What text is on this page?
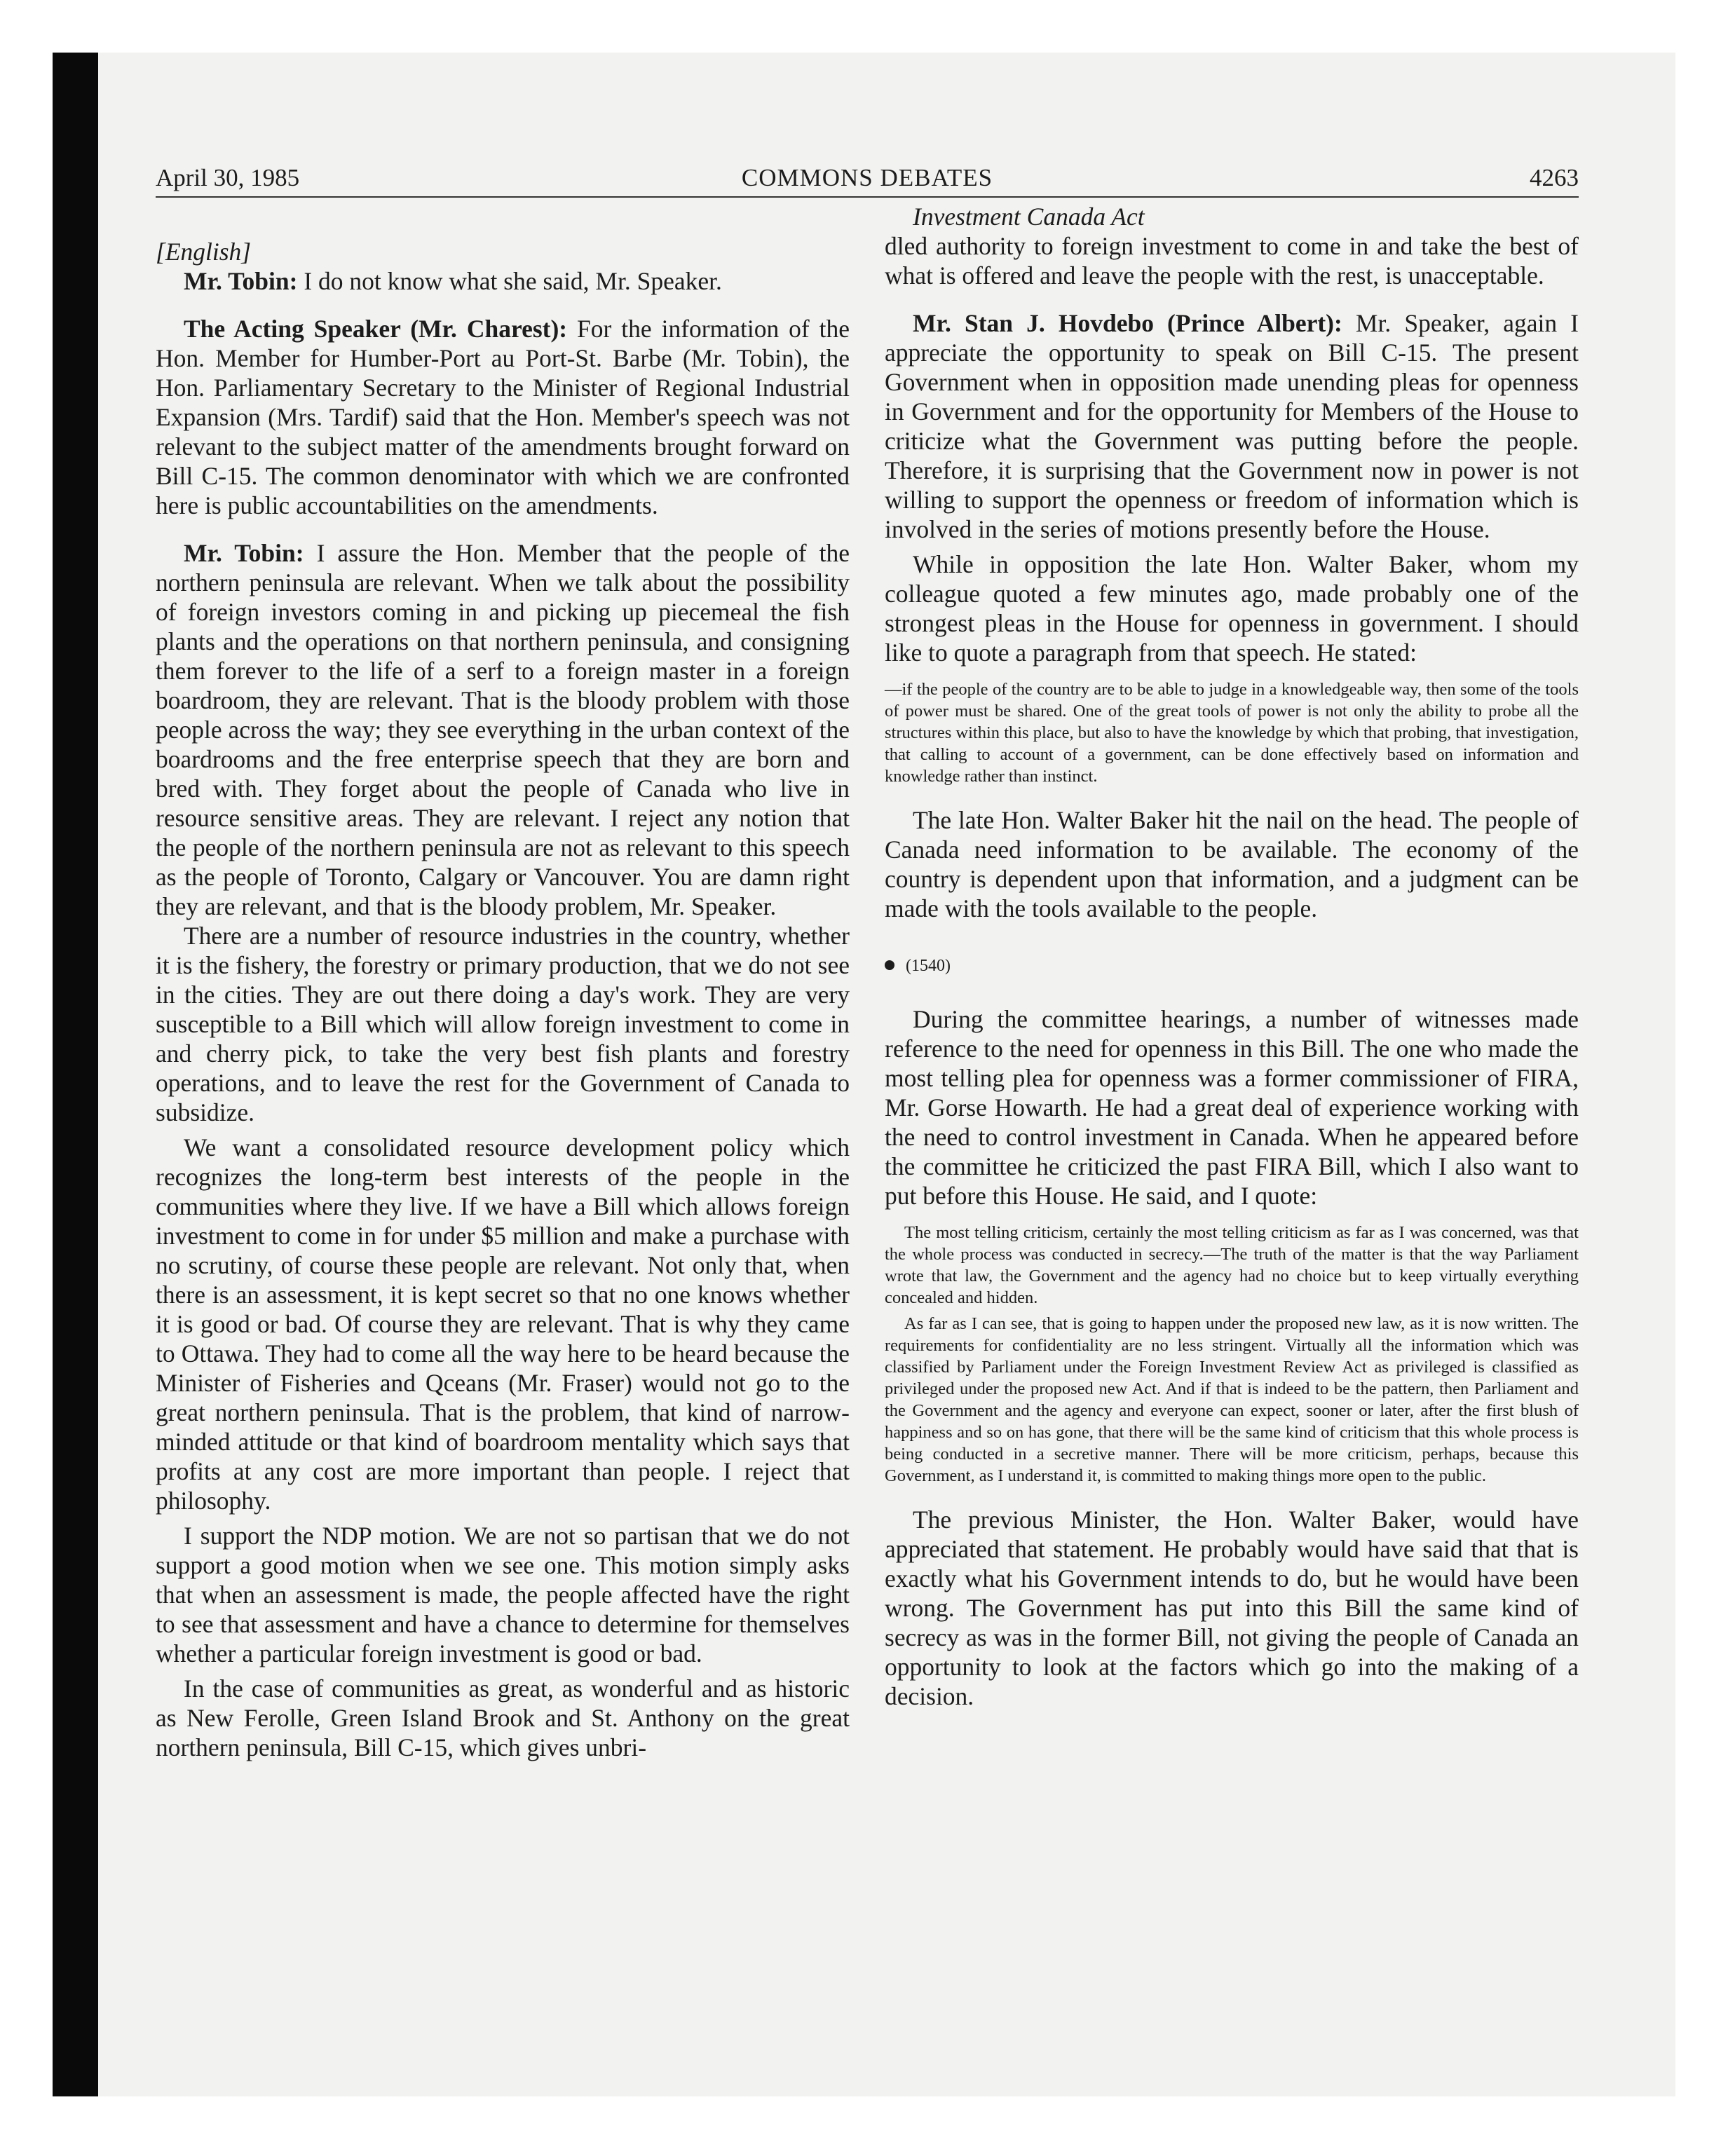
April 30, 1985	COMMONS DEBATES	4263

[English]

Mr. Tobin: I do not know what she said, Mr. Speaker.

The Acting Speaker (Mr. Charest): For the information of the Hon. Member for Humber-Port au Port-St. Barbe (Mr. Tobin), the Hon. Parliamentary Secretary to the Minister of Regional Industrial Expansion (Mrs. Tardif) said that the Hon. Member's speech was not relevant to the subject matter of the amendments brought forward on Bill C-15. The common denominator with which we are confronted here is public accountabilities on the amendments.

Mr. Tobin: I assure the Hon. Member that the people of the northern peninsula are relevant. When we talk about the possibility of foreign investors coming in and picking up piecemeal the fish plants and the operations on that northern peninsula, and consigning them forever to the life of a serf to a foreign master in a foreign boardroom, they are relevant. That is the bloody problem with those people across the way; they see everything in the urban context of the boardrooms and the free enterprise speech that they are born and bred with. They forget about the people of Canada who live in resource sensitive areas. They are relevant. I reject any notion that the people of the northern peninsula are not as relevant to this speech as the people of Toronto, Calgary or Vancouver. You are damn right they are relevant, and that is the bloody problem, Mr. Speaker.

There are a number of resource industries in the country, whether it is the fishery, the forestry or primary production, that we do not see in the cities. They are out there doing a day's work. They are very susceptible to a Bill which will allow foreign investment to come in and cherry pick, to take the very best fish plants and forestry operations, and to leave the rest for the Government of Canada to subsidize.

We want a consolidated resource development policy which recognizes the long-term best interests of the people in the communities where they live. If we have a Bill which allows foreign investment to come in for under $5 million and make a purchase with no scrutiny, of course these people are relevant. Not only that, when there is an assessment, it is kept secret so that no one knows whether it is good or bad. Of course they are relevant. That is why they came to Ottawa. They had to come all the way here to be heard because the Minister of Fisheries and Qceans (Mr. Fraser) would not go to the great northern peninsula. That is the problem, that kind of narrow-minded attitude or that kind of boardroom mentality which says that profits at any cost are more important than people. I reject that philosophy.

I support the NDP motion. We are not so partisan that we do not support a good motion when we see one. This motion simply asks that when an assessment is made, the people affected have the right to see that assessment and have a chance to determine for themselves whether a particular foreign investment is good or bad.

In the case of communities as great, as wonderful and as historic as New Ferolle, Green Island Brook and St. Anthony on the great northern peninsula, Bill C-15, which gives unbri-

Investment Canada Act

dled authority to foreign investment to come in and take the best of what is offered and leave the people with the rest, is unacceptable.

Mr. Stan J. Hovdebo (Prince Albert): Mr. Speaker, again I appreciate the opportunity to speak on Bill C-15. The present Government when in opposition made unending pleas for openness in Government and for the opportunity for Members of the House to criticize what the Government was putting before the people. Therefore, it is surprising that the Government now in power is not willing to support the openness or freedom of information which is involved in the series of motions presently before the House.

While in opposition the late Hon. Walter Baker, whom my colleague quoted a few minutes ago, made probably one of the strongest pleas in the House for openness in government. I should like to quote a paragraph from that speech. He stated:

—if the people of the country are to be able to judge in a knowledgeable way, then some of the tools of power must be shared. One of the great tools of power is not only the ability to probe all the structures within this place, but also to have the knowledge by which that probing, that investigation, that calling to account of a government, can be done effectively based on information and knowledge rather than instinct.

The late Hon. Walter Baker hit the nail on the head. The people of Canada need information to be available. The economy of the country is dependent upon that information, and a judgment can be made with the tools available to the people.

(1540)

During the committee hearings, a number of witnesses made reference to the need for openness in this Bill. The one who made the most telling plea for openness was a former commissioner of FIRA, Mr. Gorse Howarth. He had a great deal of experience working with the need to control investment in Canada. When he appeared before the committee he criticized the past FIRA Bill, which I also want to put before this House. He said, and I quote:

The most telling criticism, certainly the most telling criticism as far as I was concerned, was that the whole process was conducted in secrecy.—The truth of the matter is that the way Parliament wrote that law, the Government and the agency had no choice but to keep virtually everything concealed and hidden.

As far as I can see, that is going to happen under the proposed new law, as it is now written. The requirements for confidentiality are no less stringent. Virtually all the information which was classified by Parliament under the Foreign Investment Review Act as privileged is classified as privileged under the proposed new Act. And if that is indeed to be the pattern, then Parliament and the Government and the agency and everyone can expect, sooner or later, after the first blush of happiness and so on has gone, that there will be the same kind of criticism that this whole process is being conducted in a secretive manner. There will be more criticism, perhaps, because this Government, as I understand it, is committed to making things more open to the public.

The previous Minister, the Hon. Walter Baker, would have appreciated that statement. He probably would have said that that is exactly what his Government intends to do, but he would have been wrong. The Government has put into this Bill the same kind of secrecy as was in the former Bill, not giving the people of Canada an opportunity to look at the factors which go into the making of a decision.
